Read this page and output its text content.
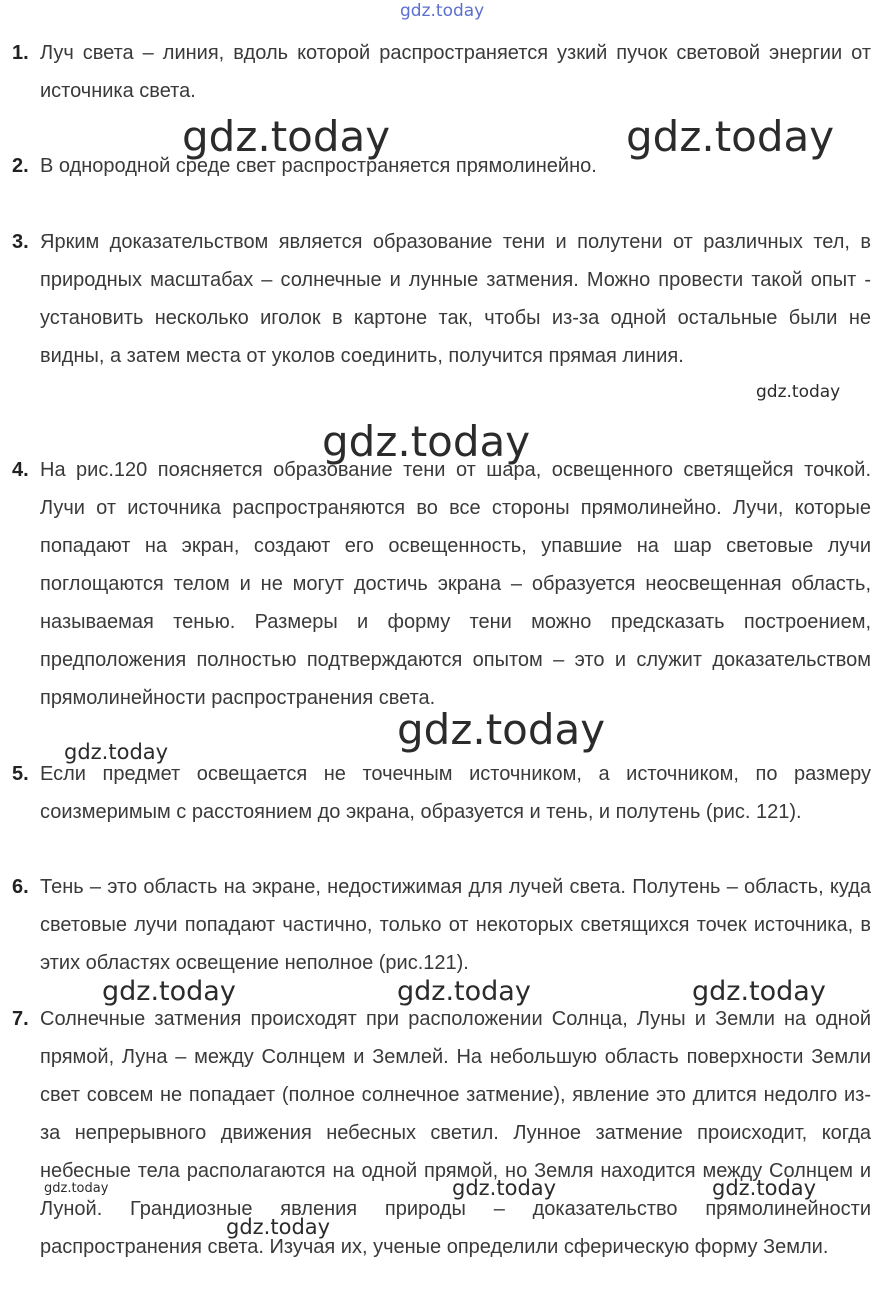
1. Луч света – линия, вдоль которой распространяется узкий пучок световой энергии от источника света.

2. В однородной среде свет распространяется прямолинейно.

3. Ярким доказательством является образование тени и полутени от различных тел, в природных масштабах – солнечные и лунные затмения. Можно провести такой опыт - установить несколько иголок в картоне так, чтобы из-за одной остальные были не видны, а затем места от уколов соединить, получится прямая линия.

4. На рис.120 поясняется образование тени от шара, освещенного светящейся точкой. Лучи от источника распространяются во все стороны прямолинейно. Лучи, которые попадают на экран, создают его освещенность, упавшие на шар световые лучи поглощаются телом и не могут достичь экрана – образуется неосвещенная область, называемая тенью. Размеры и форму тени можно предсказать построением, предположения полностью подтверждаются опытом – это и служит доказательством прямолинейности распространения света.

5. Если предмет освещается не точечным источником, а источником, по размеру соизмеримым с расстоянием до экрана, образуется и тень, и полутень (рис. 121).

6. Тень – это область на экране, недостижимая для лучей света. Полутень – область, куда световые лучи попадают частично, только от некоторых светящихся точек источника, в этих областях освещение неполное (рис.121).

7. Солнечные затмения происходят при расположении Солнца, Луны и Земли на одной прямой, Луна – между Солнцем и Землей. На небольшую область поверхности Земли свет совсем не попадает (полное солнечное затмение), явление это длится недолго из-за непрерывного движения небесных светил. Лунное затмение происходит, когда небесные тела располагаются на одной прямой, но Земля находится между Солнцем и Луной. Грандиозные явления природы – доказательство прямолинейности распространения света. Изучая их, ученые определили сферическую форму Земли.

gdz.today
gdz.today	gdz.today
gdz.today
gdz.today
gdz.today
gdz.today
gdz.today	gdz.today	gdz.today
gdz.today	gdz.today	gdz.today
gdz.today
